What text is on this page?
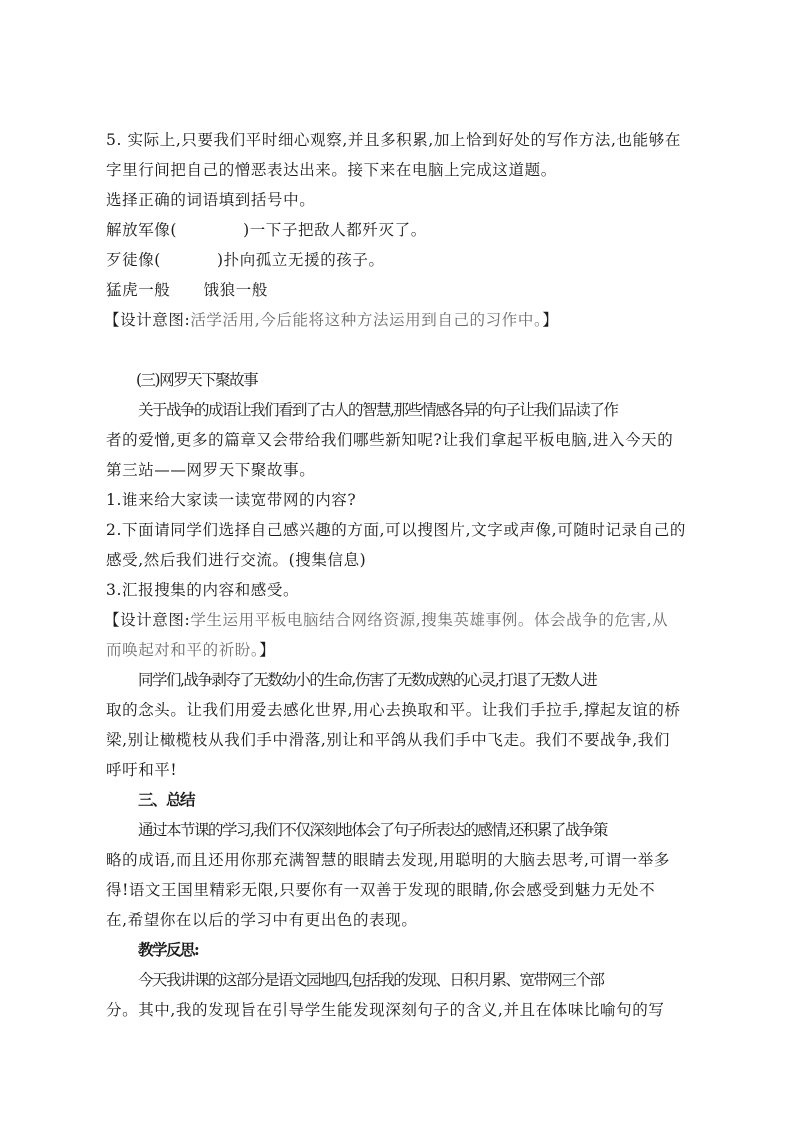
5. 实际上,只要我们平时细心观察,并且多积累,加上恰到好处的写作方法,也能够在
字里行间把自己的憎恶表达出来。接下来在电脑上完成这道题。
选择正确的词语填到括号中。
解放军像(	)一下子把敌人都歼灭了。
歹徒像(	)扑向孤立无援的孩子。
猛虎一般      饿狼一般
【设计意图:活学活用,今后能将这种方法运用到自己的习作中。】
(三)网罗天下聚故事
关于战争的成语让我们看到了古人的智慧,那些情感各异的句子让我们品读了作
者的爱憎,更多的篇章又会带给我们哪些新知呢?让我们拿起平板电脑,进入今天的
第三站——网罗天下聚故事。
1.谁来给大家读一读宽带网的内容?
2.下面请同学们选择自己感兴趣的方面,可以搜图片,文字或声像,可随时记录自己的
感受,然后我们进行交流。(搜集信息)
3.汇报搜集的内容和感受。
【设计意图:学生运用平板电脑结合网络资源,搜集英雄事例。体会战争的危害,从
而唤起对和平的祈盼。】
同学们,战争剥夺了无数幼小的生命,伤害了无数成熟的心灵,打退了无数人进
取的念头。让我们用爱去感化世界,用心去换取和平。让我们手拉手,撑起友谊的桥
梁,别让橄榄枝从我们手中滑落,别让和平鸽从我们手中飞走。我们不要战争,我们
呼吁和平!
三、总结
通过本节课的学习,我们不仅深刻地体会了句子所表达的感情,还积累了战争策
略的成语,而且还用你那充满智慧的眼睛去发现,用聪明的大脑去思考,可谓一举多
得!语文王国里精彩无限,只要你有一双善于发现的眼睛,你会感受到魅力无处不
在,希望你在以后的学习中有更出色的表现。
教学反思:
今天我讲课的这部分是语文园地四,包括我的发现、日积月累、宽带网三个部
分。其中,我的发现旨在引导学生能发现深刻句子的含义,并且在体味比喻句的写
